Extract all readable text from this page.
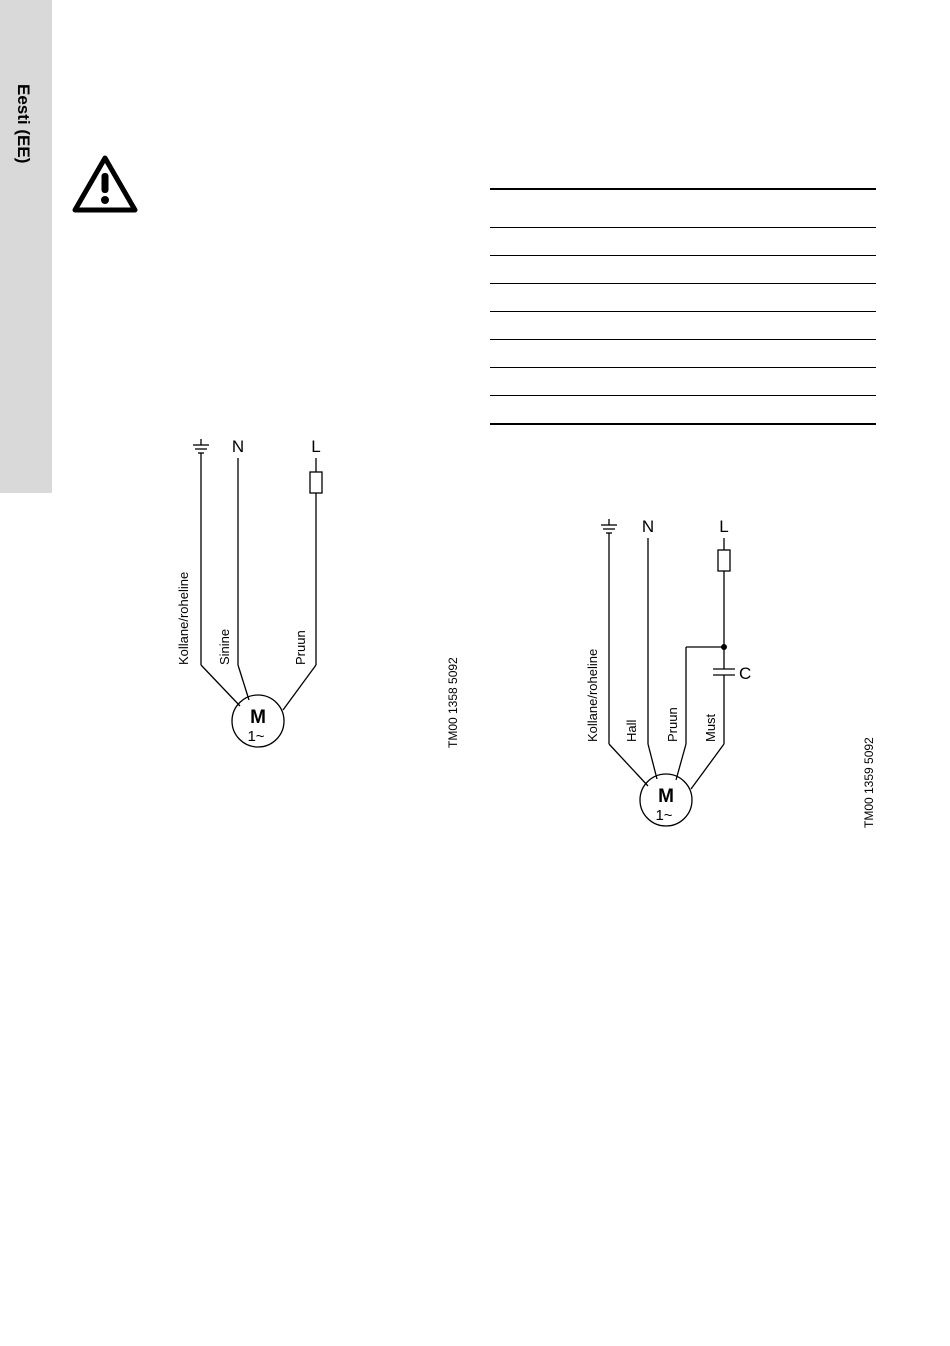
Eesti (EE)
N	L
Kollane/roheline Sinine	Pruun
M
1~	TM00 1358 5092
N	L
C
Kollane/roheline Hall Pruun Must
M
1~	TM00 1359 5092
